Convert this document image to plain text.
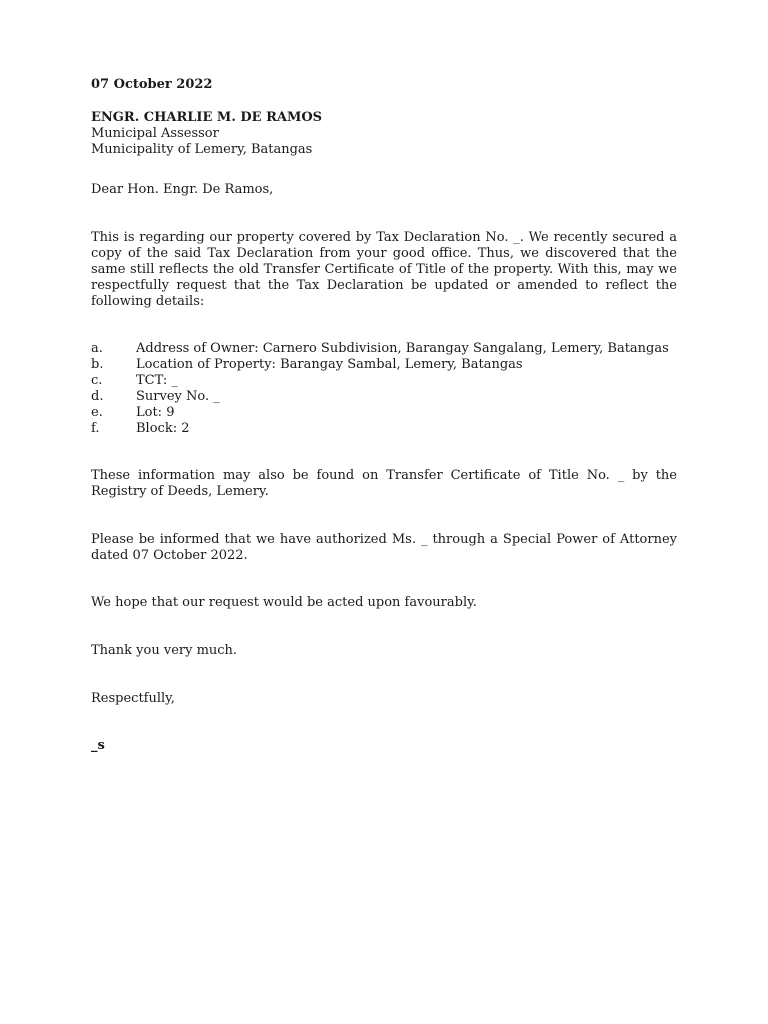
07 October 2022

ENGR. CHARLIE M. DE RAMOS
Municipal Assessor
Municipality of Lemery, Batangas
Dear Hon. Engr. De Ramos,

This is regarding our property covered by Tax Declaration No. _. We recently secured a copy of the said Tax Declaration from your good office. Thus, we discovered that the same still reflects the old Transfer Certificate of Title of the property. With this, may we respectfully request that the Tax Declaration be updated or amended to reflect the following details:

a.	Address of Owner: Carnero Subdivision, Barangay Sangalang, Lemery, Batangas
b.	Location of Property: Barangay Sambal, Lemery, Batangas
c.	TCT: _
d.	Survey No. _
e.	Lot: 9
f.	Block: 2

These information may also be found on Transfer Certificate of Title No. _ by the Registry of Deeds, Lemery.

Please be informed that we have authorized Ms. _ through a Special Power of Attorney dated 07 October 2022.

We hope that our request would be acted upon favourably.

Thank you very much.

Respectfully,
_s
